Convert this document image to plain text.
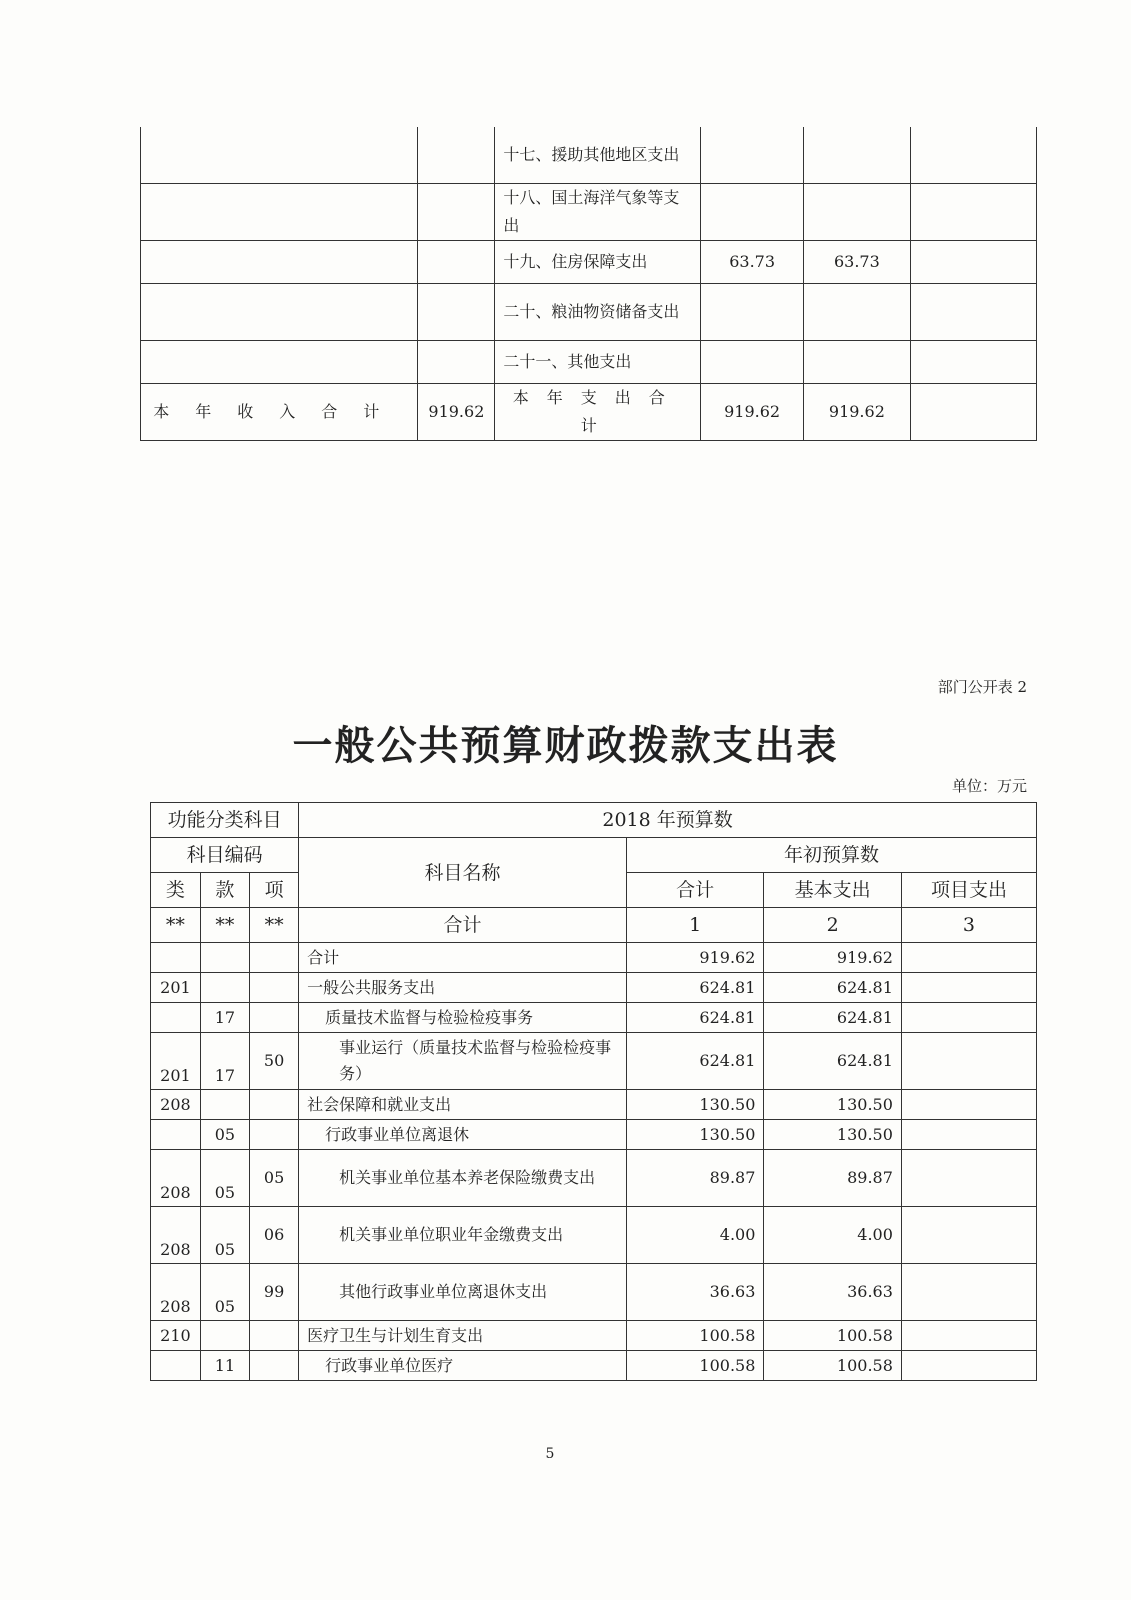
		十七、援助其他地区支出			
		十八、国土海洋气象等支出			
		十九、住房保障支出	63.73	63.73	
		二十、粮油物资储备支出			
		二十一、其他支出			
本年收入合计	919.62	本年支出合计	919.62	919.62	
部门公开表 2
一般公共预算财政拨款支出表
单位：万元
功能分类科目			2018 年预算数			
科目编码			科目名称	年初预算数		
类	款	项		合计	基本支出	项目支出
**	**	**	合计	1	2	3
			合计	919.62	919.62	
201			一般公共服务支出	624.81	624.81	
	17		质量技术监督与检验检疫事务	624.81	624.81	
201	17	50	事业运行（质量技术监督与检验检疫事务）	624.81	624.81	
208			社会保障和就业支出	130.50	130.50	
	05		行政事业单位离退休	130.50	130.50	
208	05	05	机关事业单位基本养老保险缴费支出	89.87	89.87	
208	05	06	机关事业单位职业年金缴费支出	4.00	4.00	
208	05	99	其他行政事业单位离退休支出	36.63	36.63	
210			医疗卫生与计划生育支出	100.58	100.58	
	11		行政事业单位医疗	100.58	100.58	
5
